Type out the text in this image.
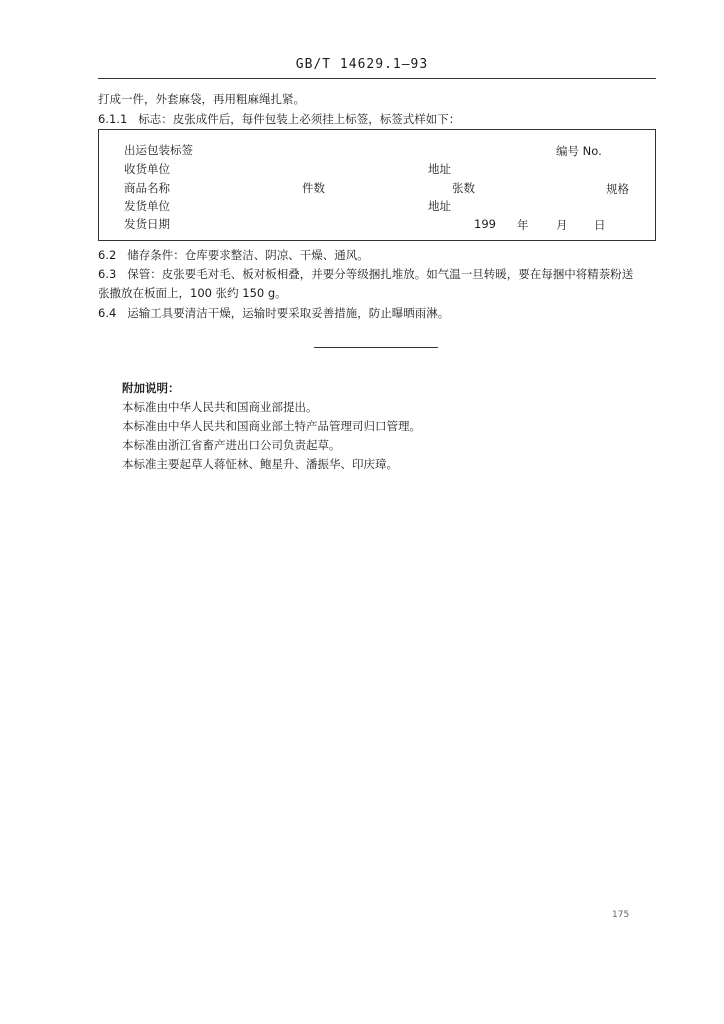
GB/T 14629.1—93
打成一件，外套麻袋，再用粗麻绳扎紧。
6.1.1 标志：皮张成件后，每件包装上必须挂上标签，标签式样如下：
出运包装标签	编号 No.
收货单位	地址
商品名称	件数	张数	规格
发货单位	地址
发货日期	199 年 月 日
6.2 储存条件：仓库要求整洁、阴凉、干燥、通风。
6.3 保管：皮张要毛对毛、板对板相叠，并要分等级捆扎堆放。如气温一旦转暖，要在每捆中将精萘粉送
张撒放在板面上，100 张约 150 g。
6.4 运输工具要清洁干燥，运输时要采取妥善措施，防止曝晒雨淋。
附加说明：
本标准由中华人民共和国商业部提出。
本标准由中华人民共和国商业部土特产品管理司归口管理。
本标准由浙江省畜产进出口公司负责起草。
本标准主要起草人蒋怔林、鲍星升、潘振华、印庆璋。
175
